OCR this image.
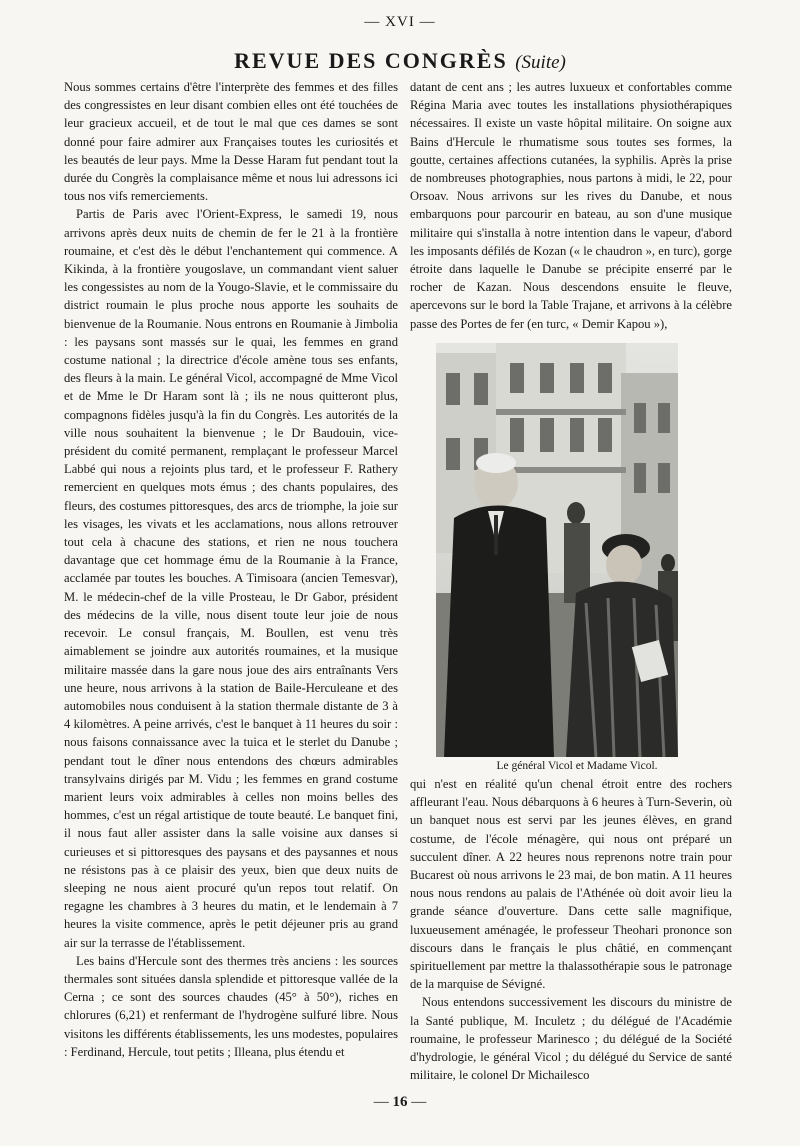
— XVI —
REVUE DES CONGRÈS (Suite)

Nous sommes certains d'être l'interprète des femmes et des filles des congressistes en leur disant combien elles ont été touchées de leur gracieux accueil, et de tout le mal que ces dames se sont donné pour faire admirer aux Françaises toutes les curiosités et les beautés de leur pays. Mme la Desse Haram fut pendant tout la durée du Congrès la complaisance même et nous lui adressons ici tous nos vifs remerciements.

Partis de Paris avec l'Orient-Express, le samedi 19, nous arrivons après deux nuits de chemin de fer le 21 à la frontière roumaine, et c'est dès le début l'enchantement qui commence. A Kikinda, à la frontière yougoslave, un commandant vient saluer les congessistes au nom de la Yougo-Slavie, et le commissaire du district roumain le plus proche nous apporte les souhaits de bienvenue de la Roumanie. Nous entrons en Roumanie à Jimbolia : les paysans sont massés sur le quai, les femmes en grand costume national ; la directrice d'école amène tous ses enfants, des fleurs à la main. Le général Vicol, accompagné de Mme Vicol et de Mme le Dr Haram sont là ; ils ne nous quitteront plus, compagnons fidèles jusqu'à la fin du Congrès. Les autorités de la ville nous souhaitent la bienvenue ; le Dr Baudouin, vice-président du comité permanent, remplaçant le professeur Marcel Labbé qui nous a rejoints plus tard, et le professeur F. Rathery remercient en quelques mots émus ; des chants populaires, des fleurs, des costumes pittoresques, des arcs de triomphe, la joie sur les visages, les vivats et les acclamations, nous allons retrouver tout cela à chacune des stations, et rien ne nous touchera davantage que cet hommage ému de la Roumanie à la France, acclamée par toutes les bouches. A Timisoara (ancien Temesvar), M. le médecin-chef de la ville Prosteau, le Dr Gabor, président des médecins de la ville, nous disent toute leur joie de nous recevoir. Le consul français, M. Boullen, est venu très aimablement se joindre aux autorités roumaines, et la musique militaire massée dans la gare nous joue des airs entraînants Vers une heure, nous arrivons à la station de Baile-Herculeane et des automobiles nous conduisent à la station thermale distante de 3 à 4 kilomètres. A peine arrivés, c'est le banquet à 11 heures du soir : nous faisons connaissance avec la tuica et le sterlet du Danube ; pendant tout le dîner nous entendons des chœurs admirables transylvains dirigés par M. Vidu ; les femmes en grand costume marient leurs voix admirables à celles non moins belles des hommes, c'est un régal artistique de toute beauté. Le banquet fini, il nous faut aller assister dans la salle voisine aux danses si curieuses et si pittoresques des paysans et des paysannes et nous ne résistons pas à ce plaisir des yeux, bien que deux nuits de sleeping ne nous aient procuré qu'un repos tout relatif. On regagne les chambres à 3 heures du matin, et le lendemain à 7 heures la visite commence, après le petit déjeuner pris au grand air sur la terrasse de l'établissement.

Les bains d'Hercule sont des thermes très anciens : les sources thermales sont situées dansla splendide et pittoresque vallée de la Cerna ; ce sont des sources chaudes (45° à 50°), riches en chlorures (6,21) et renfermant de l'hydrogène sulfuré libre. Nous visitons les différents établissements, les uns modestes, populaires : Ferdinand, Hercule, tout petits ; Illeana, plus étendu et

datant de cent ans ; les autres luxueux et confortables comme Régina Maria avec toutes les installations physiothérapiques nécessaires. Il existe un vaste hôpital militaire. On soigne aux Bains d'Hercule le rhumatisme sous toutes ses formes, la goutte, certaines affections cutanées, la syphilis. Après la prise de nombreuses photographies, nous partons à midi, le 22, pour Orsoav. Nous arrivons sur les rives du Danube, et nous embarquons pour parcourir en bateau, au son d'une musique militaire qui s'installa à notre intention dans le vapeur, d'abord les imposants défilés de Kozan (« le chaudron », en turc), gorge étroite dans laquelle le Danube se précipite enserré par le rocher de Kazan. Nous descendons ensuite le fleuve, apercevons sur le bord la Table Trajane, et arrivons à la célèbre passe des Portes de fer (en turc, « Demir Kapou »),

Le général Vicol et Madame Vicol.

qui n'est en réalité qu'un chenal étroit entre des rochers affleurant l'eau. Nous débarquons à 6 heures à Turn-Severin, où un banquet nous est servi par les jeunes élèves, en grand costume, de l'école ménagère, qui nous ont préparé un succulent dîner. A 22 heures nous reprenons notre train pour Bucarest où nous arrivons le 23 mai, de bon matin. A 11 heures nous nous rendons au palais de l'Athénée où doit avoir lieu la grande séance d'ouverture. Dans cette salle magnifique, luxueusement aménagée, le professeur Theohari prononce son discours dans le français le plus châtié, en commençant spirituellement par mettre la thalassothérapie sous le patronage de la marquise de Sévigné.

Nous entendons successivement les discours du ministre de la Santé publique, M. Inculetz ; du délégué de l'Académie roumaine, le professeur Marinesco ; du délégué de la Société d'hydrologie, le général Vicol ; du délégué du Service de santé militaire, le colonel Dr Michailesco

— 16 —
